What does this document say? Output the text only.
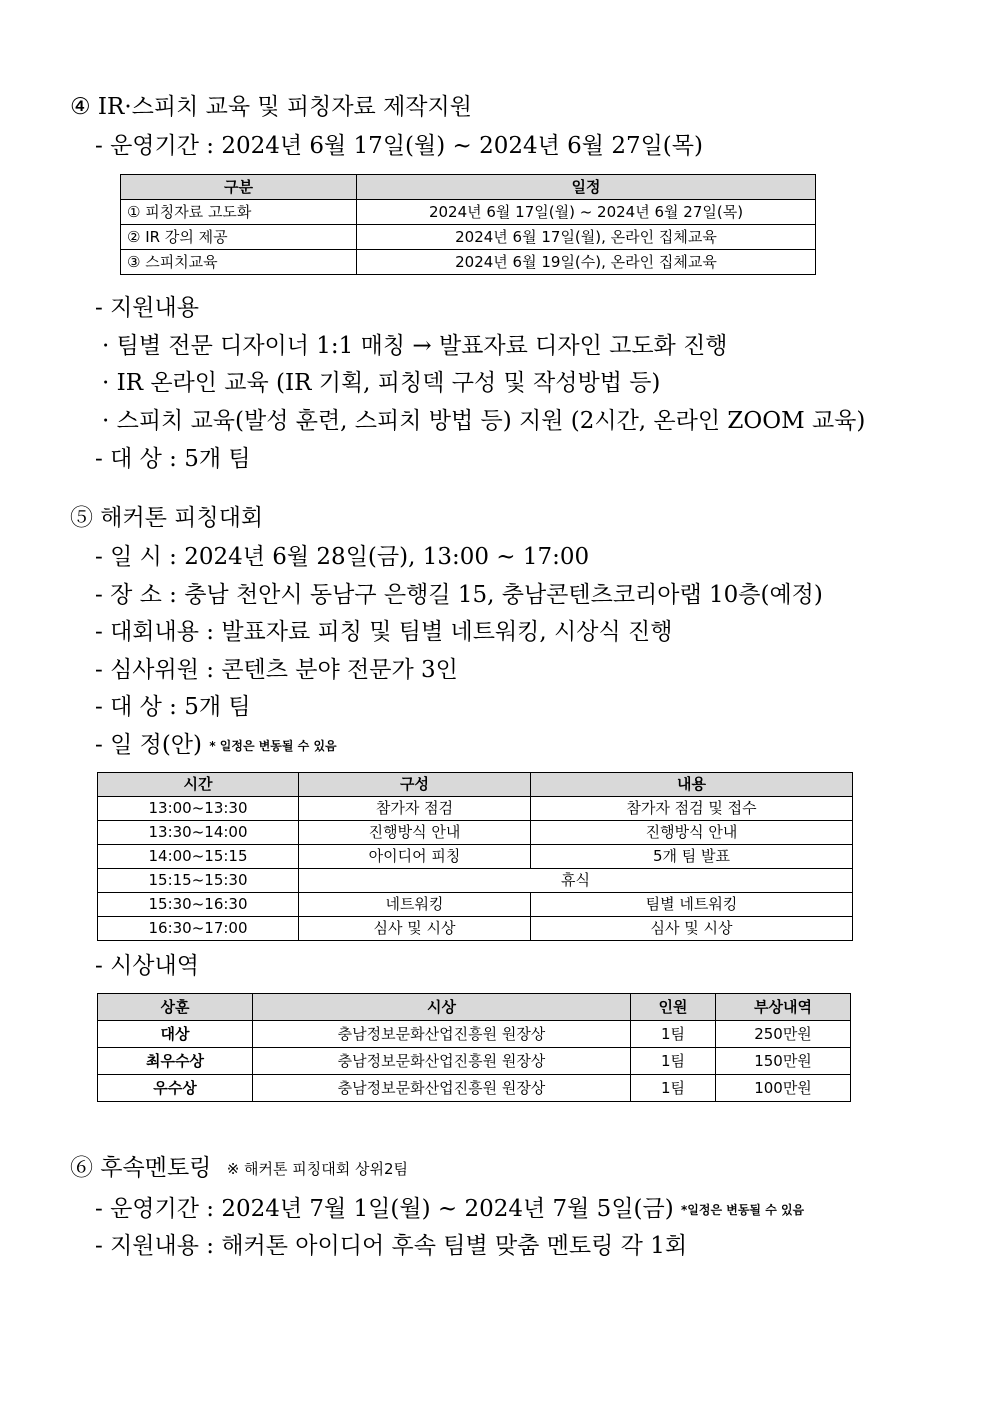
④ IR·스피치 교육 및 피칭자료 제작지원
- 운영기간 : 2024년 6월 17일(월) ~ 2024년 6월 27일(목)
구분	일정
① 피칭자료 고도화	2024년 6월 17일(월) ~ 2024년 6월 27일(목)
② IR 강의 제공	2024년 6월 17일(월), 온라인 집체교육
③ 스피치교육	2024년 6월 19일(수), 온라인 집체교육
- 지원내용
· 팀별 전문 디자이너 1:1 매칭 → 발표자료 디자인 고도화 진행
· IR 온라인 교육 (IR 기획, 피칭덱 구성 및 작성방법 등)
· 스피치 교육(발성 훈련, 스피치 방법 등) 지원 (2시간, 온라인 ZOOM 교육)
- 대 상 : 5개 팀
⑤ 해커톤 피칭대회
- 일 시 : 2024년 6월 28일(금), 13:00 ~ 17:00
- 장 소 : 충남 천안시 동남구 은행길 15, 충남콘텐츠코리아랩 10층(예정)
- 대회내용 : 발표자료 피칭 및 팀별 네트워킹, 시상식 진행
- 심사위원 : 콘텐츠 분야 전문가 3인
- 대 상 : 5개 팀
- 일 정(안) * 일정은 변동될 수 있음
시간	구성	내용
13:00~13:30	참가자 점검	참가자 점검 및 접수
13:30~14:00	진행방식 안내	진행방식 안내
14:00~15:15	아이디어 피칭	5개 팀 발표
15:15~15:30	휴식	
15:30~16:30	네트워킹	팀별 네트워킹
16:30~17:00	심사 및 시상	심사 및 시상
- 시상내역
상훈	시상	인원	부상내역
대상	충남정보문화산업진흥원 원장상	1팀	250만원
최우수상	충남정보문화산업진흥원 원장상	1팀	150만원
우수상	충남정보문화산업진흥원 원장상	1팀	100만원
⑥ 후속멘토링 ※ 해커톤 피칭대회 상위2팀
- 운영기간 : 2024년 7월 1일(월) ~ 2024년 7월 5일(금) *일정은 변동될 수 있음
- 지원내용 : 해커톤 아이디어 후속 팀별 맞춤 멘토링 각 1회
